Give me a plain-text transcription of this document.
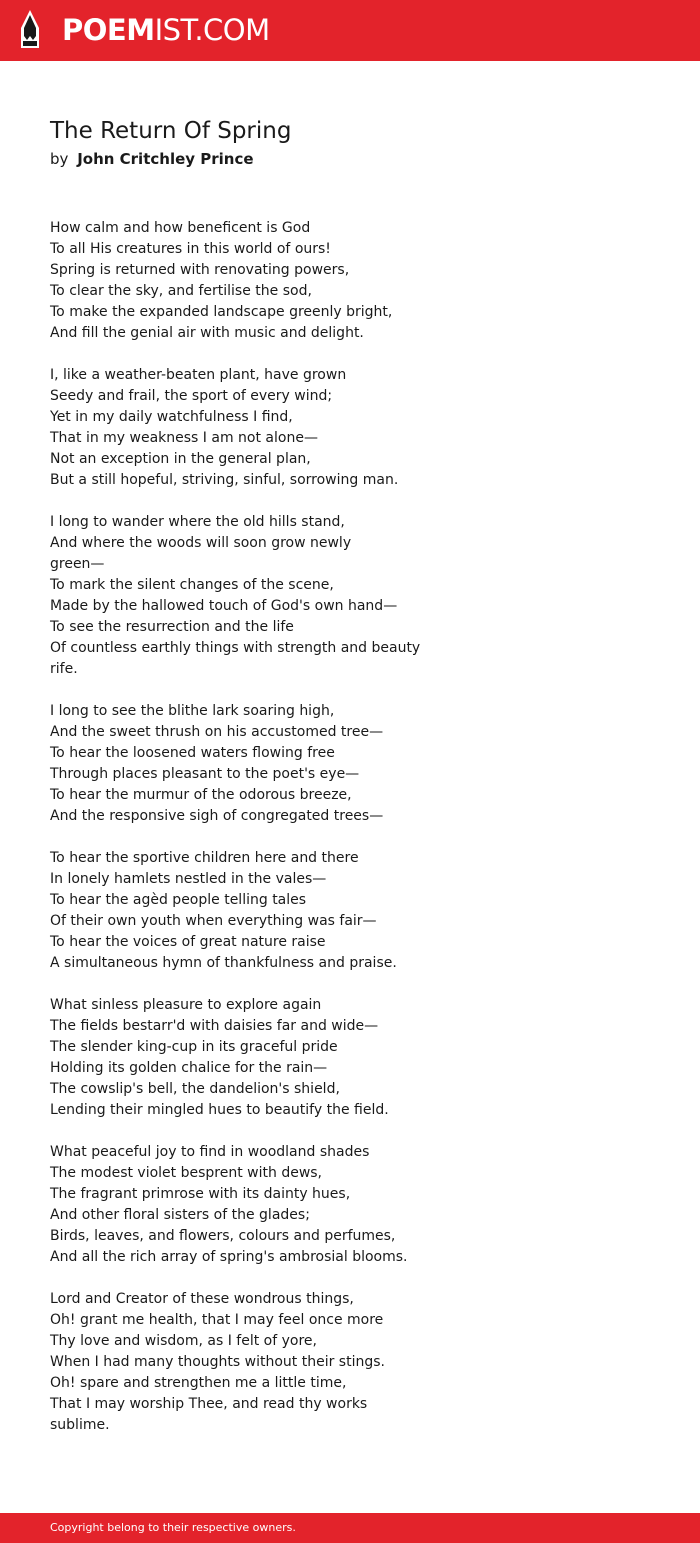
POEMIST.COM
The Return Of Spring
by John Critchley Prince

How calm and how beneficent is God
To all His creatures in this world of ours!
Spring is returned with renovating powers,
To clear the sky, and fertilise the sod,
To make the expanded landscape greenly bright,
And fill the genial air with music and delight.

I, like a weather-beaten plant, have grown
Seedy and frail, the sport of every wind;
Yet in my daily watchfulness I find,
That in my weakness I am not alone—
Not an exception in the general plan,
But a still hopeful, striving, sinful, sorrowing man.

I long to wander where the old hills stand,
And where the woods will soon grow newly
green—
To mark the silent changes of the scene,
Made by the hallowed touch of God's own hand—
To see the resurrection and the life
Of countless earthly things with strength and beauty
rife.

I long to see the blithe lark soaring high,
And the sweet thrush on his accustomed tree—
To hear the loosened waters flowing free
Through places pleasant to the poet's eye—
To hear the murmur of the odorous breeze,
And the responsive sigh of congregated trees—

To hear the sportive children here and there
In lonely hamlets nestled in the vales—
To hear the agèd people telling tales
Of their own youth when everything was fair—
To hear the voices of great nature raise
A simultaneous hymn of thankfulness and praise.

What sinless pleasure to explore again
The fields bestarr'd with daisies far and wide—
The slender king-cup in its graceful pride
Holding its golden chalice for the rain—
The cowslip's bell, the dandelion's shield,
Lending their mingled hues to beautify the field.

What peaceful joy to find in woodland shades
The modest violet besprent with dews,
The fragrant primrose with its dainty hues,
And other floral sisters of the glades;
Birds, leaves, and flowers, colours and perfumes,
And all the rich array of spring's ambrosial blooms.

Lord and Creator of these wondrous things,
Oh! grant me health, that I may feel once more
Thy love and wisdom, as I felt of yore,
When I had many thoughts without their stings.
Oh! spare and strengthen me a little time,
That I may worship Thee, and read thy works
sublime.

Copyright belong to their respective owners.
